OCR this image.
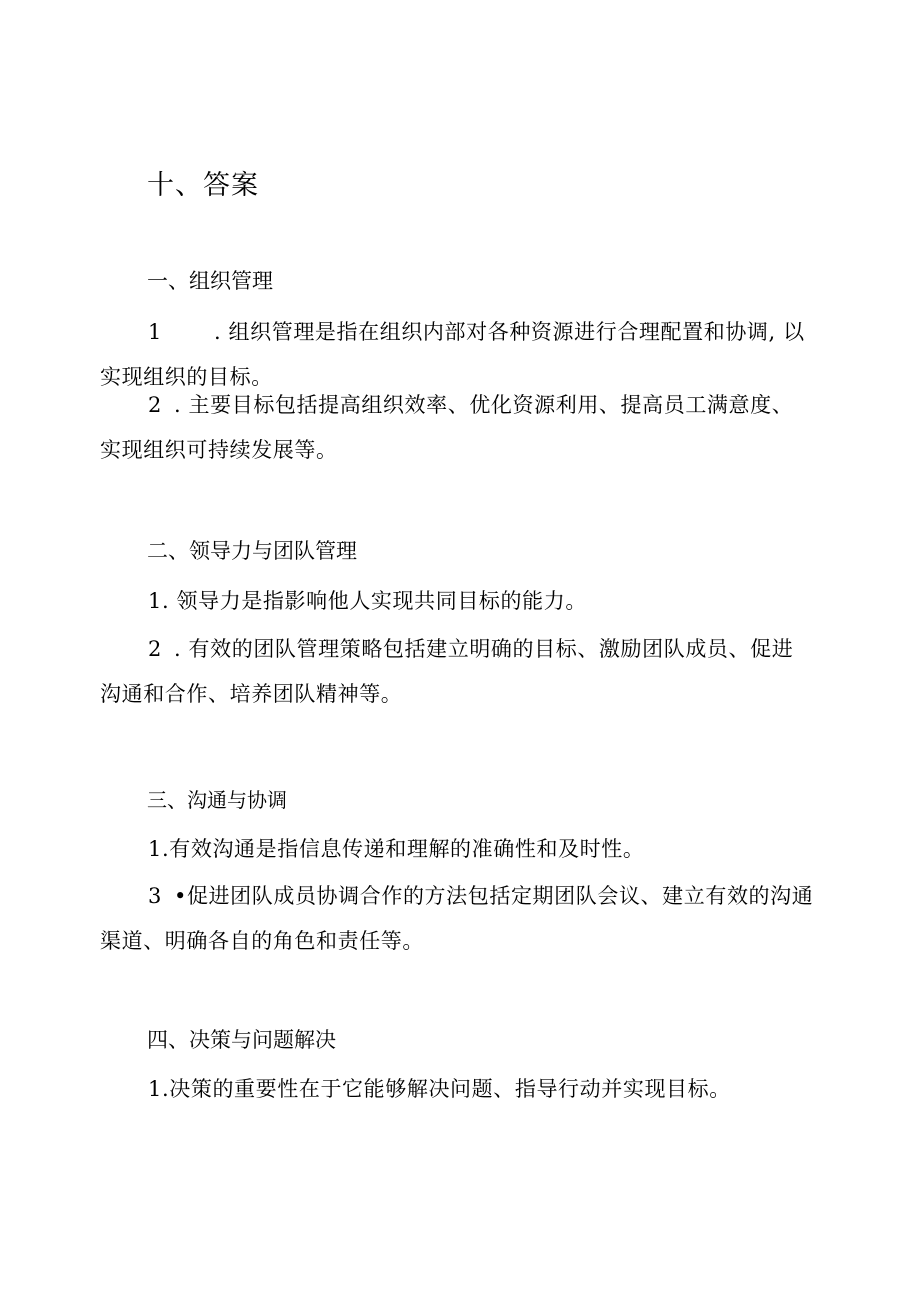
十、答案
一、组织管理
1 . 组织管理是指在组织内部对各种资源进行合理配置和协调, 以实现组织的目标。
2 . 主要目标包括提高组织效率、优化资源利用、提高员工满意度、实现组织可持续发展等。
二、领导力与团队管理
1. 领导力是指影响他人实现共同目标的能力。
2 . 有效的团队管理策略包括建立明确的目标、激励团队成员、促进沟通和合作、培养团队精神等。
三、沟通与协调
1.有效沟通是指信息传递和理解的准确性和及时性。
3 •促进团队成员协调合作的方法包括定期团队会议、建立有效的沟通渠道、明确各自的角色和责任等。
四、决策与问题解决
1.决策的重要性在于它能够解决问题、指导行动并实现目标。
